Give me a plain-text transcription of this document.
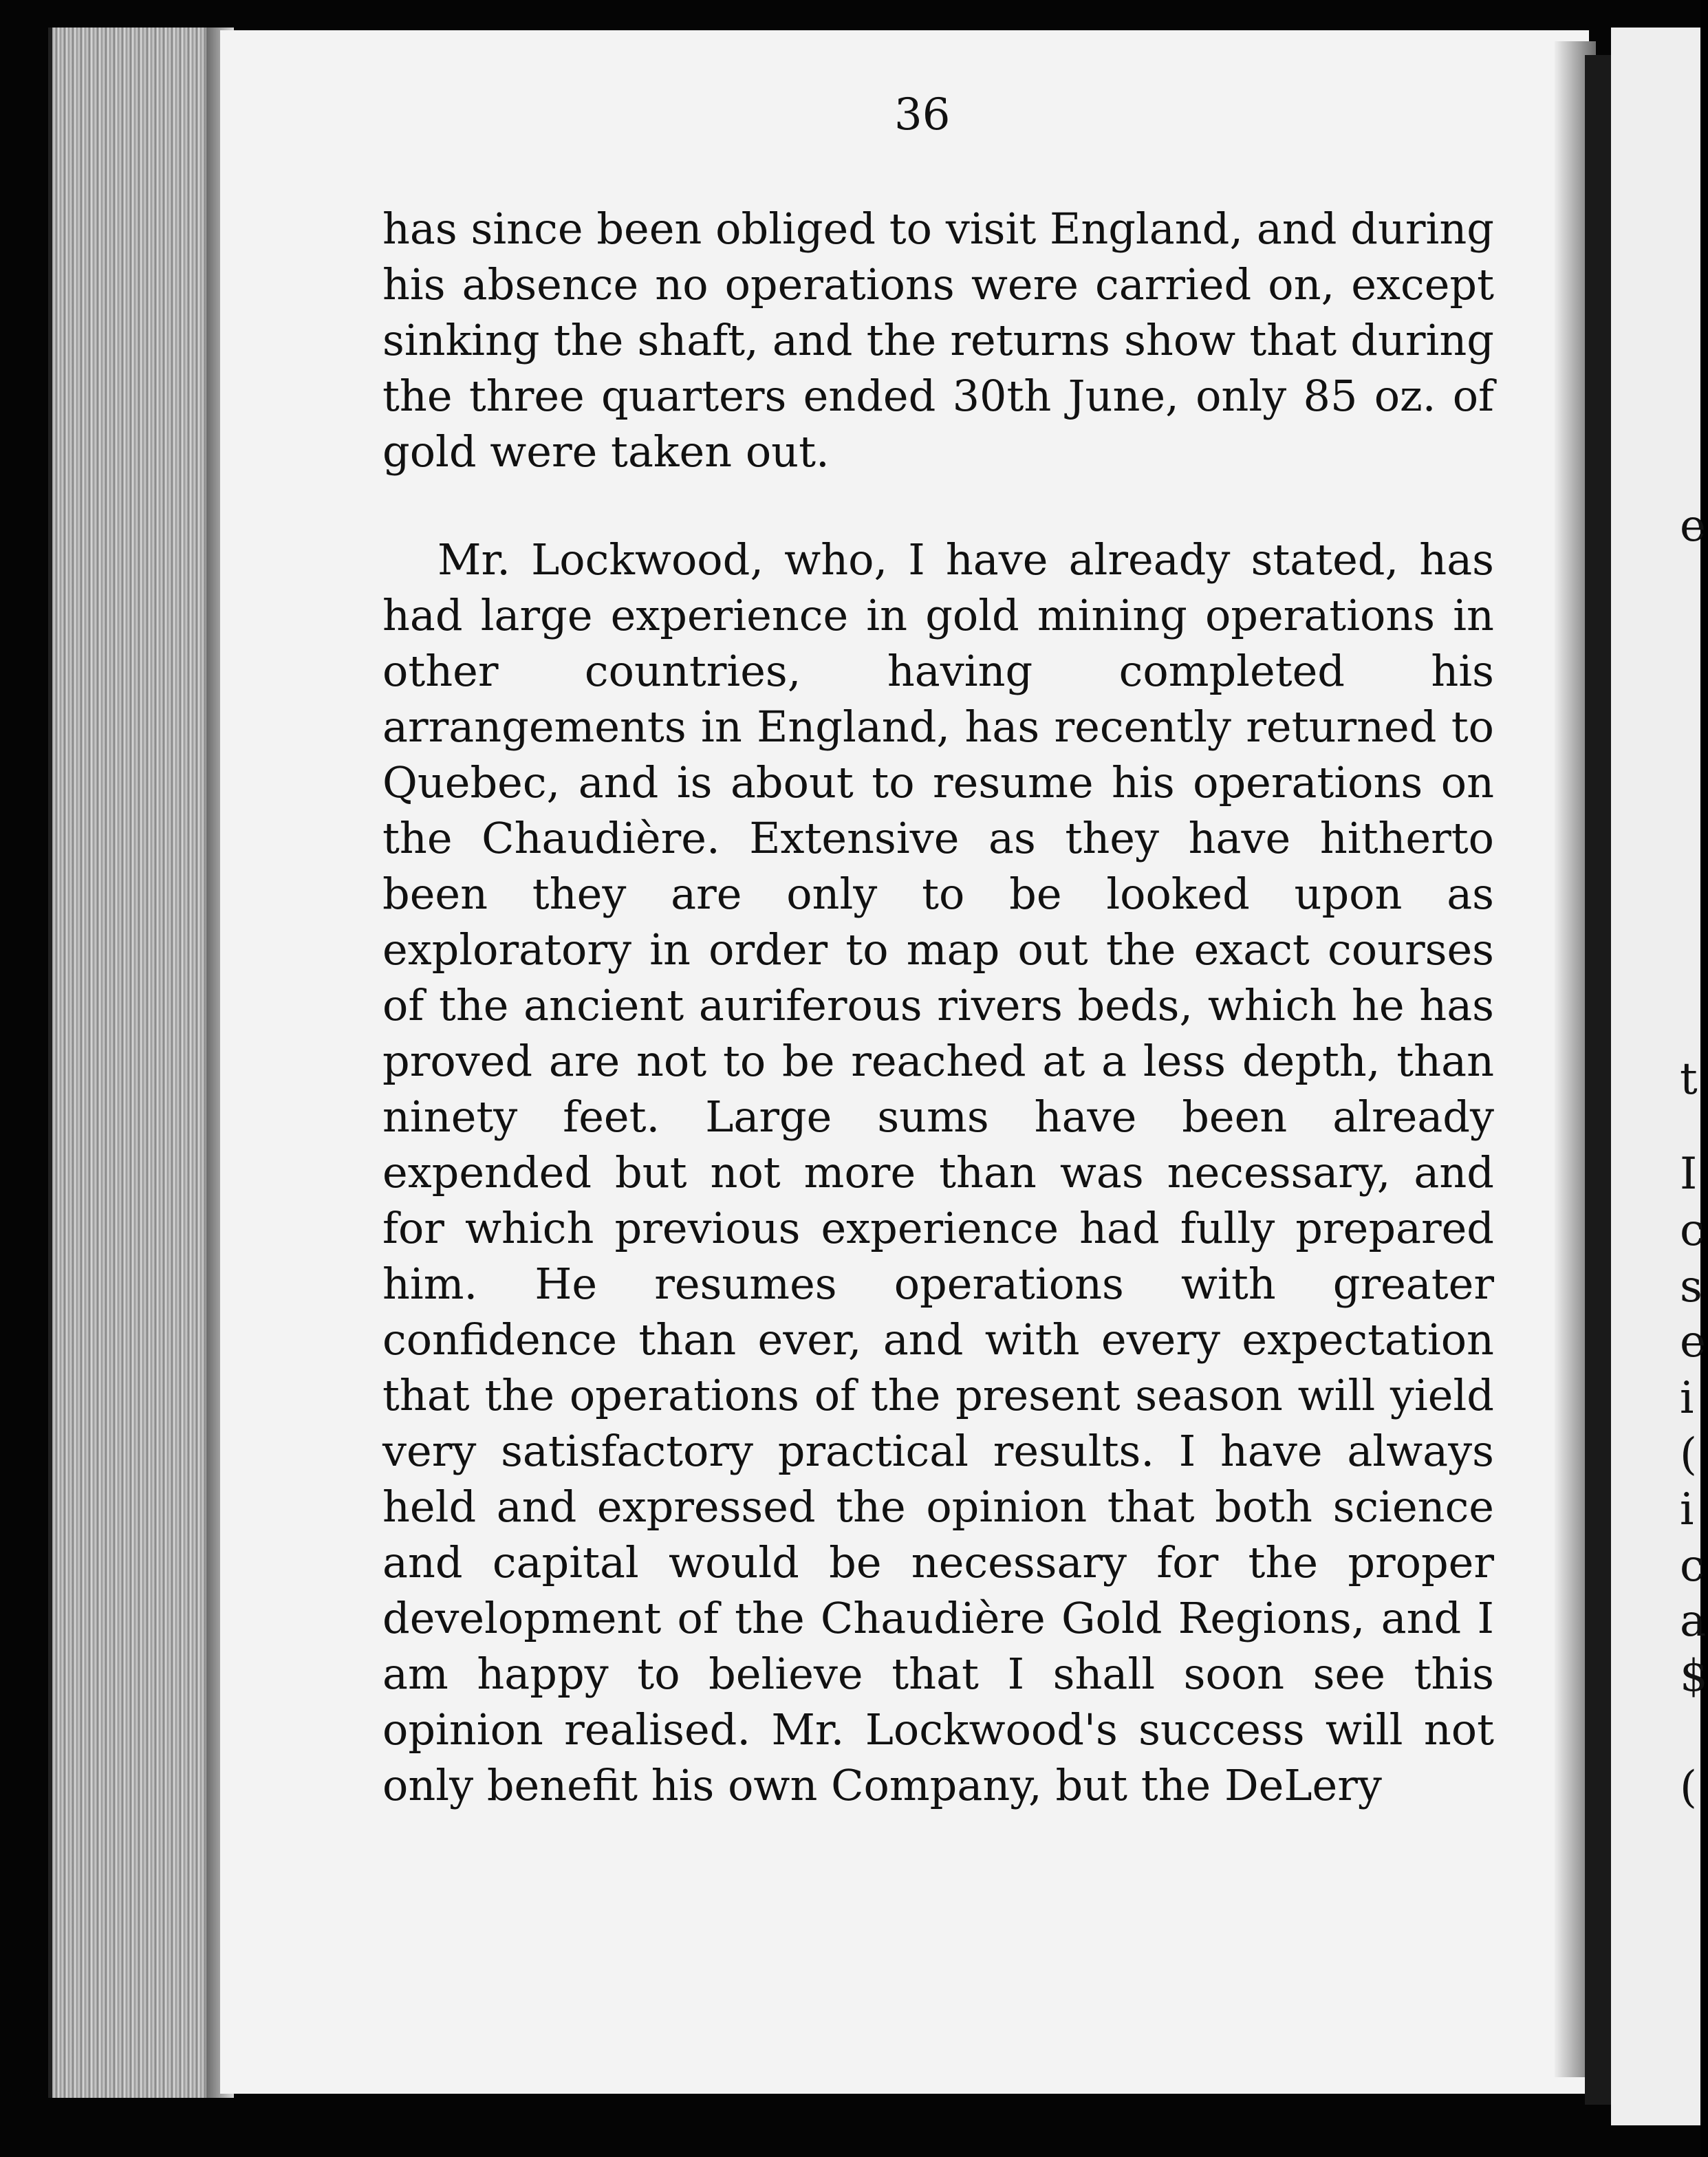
e
t
I
c
s
e
i
(
i
c
a
$
(
36

has since been obliged to visit England, and during his absence no operations were carried on, except sinking the shaft, and the returns show that during the three quarters ended 30th June, only 85 oz. of gold were taken out.

Mr. Lockwood, who, I have already stated, has had large experience in gold mining operations in other countries, having completed his arrangements in England, has recently returned to Quebec, and is about to resume his operations on the Chaudière. Extensive as they have hitherto been they are only to be looked upon as exploratory in order to map out the exact courses of the ancient auriferous rivers beds, which he has proved are not to be reached at a less depth, than ninety feet. Large sums have been already expended but not more than was necessary, and for which previous experience had fully prepared him. He resumes operations with greater confidence than ever, and with every expectation that the operations of the present season will yield very satisfactory practical results. I have always held and expressed the opinion that both science and capital would be necessary for the proper development of the Chaudière Gold Regions, and I am happy to believe that I shall soon see this opinion realised. Mr. Lockwood's success will not only benefit his own Company, but the DeLery
